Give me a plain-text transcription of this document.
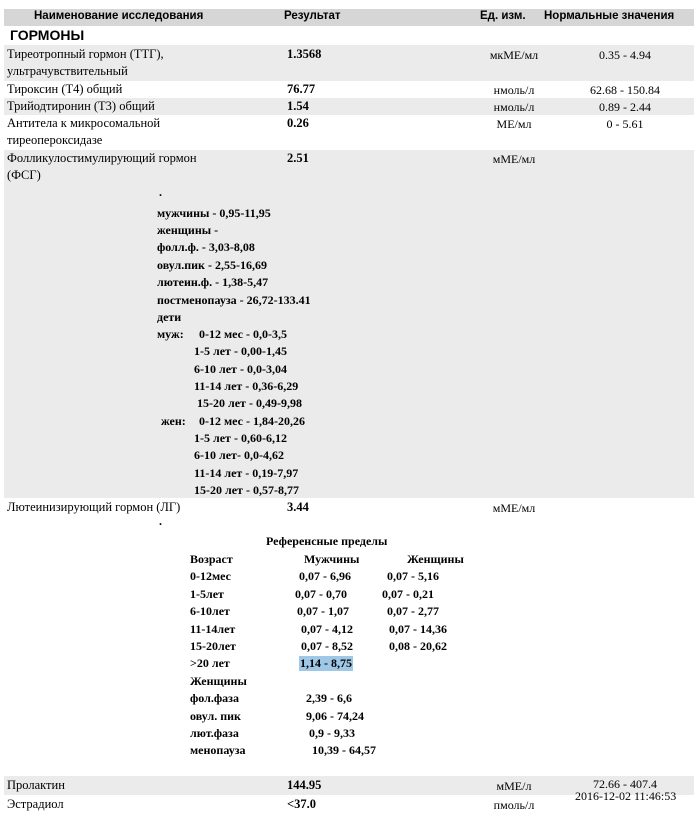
Наименование исследования	Результат	Ед. изм. Нормальные значения
ГОРМОНЫ
Тиреотропный гормон (ТТГ),
ультрачувствительный
1.3568	мкМЕ/мл	0.35 - 4.94
Тироксин (Т4) общий	76.77	нмоль/л	62.68 - 150.84
Трийодтиронин (Т3) общий	1.54	нмоль/л	0.89 - 2.44
Антитела к микросомальной
тиреопероксидазе
0.26	МЕ/мл	0 - 5.61
Фолликулостимулирующий гормон
(ФСГ)
2.51	мМЕ/мл
.
мужчины - 0,95-11,95
женщины -
фолл.ф. - 3,03-8,08
овул.пик - 2,55-16,69
лютеин.ф. - 1,38-5,47
постменопауза - 26,72-133.41
дети
муж: 0-12 мес - 0,0-3,5
1-5 лет - 0,00-1,45
6-10 лет - 0,0-3,04
11-14 лет - 0,36-6,29
15-20 лет - 0,49-9,98
жен: 0-12 мес - 1,84-20,26
1-5 лет - 0,60-6,12
6-10 лет- 0,0-4,62
11-14 лет - 0,19-7,97
15-20 лет - 0,57-8,77
Лютеинизирующий гормон (ЛГ)	3.44	мМЕ/мл
.
Референсные пределы
Возраст	Мужчины	Женщины
0-12мес	0,07 - 6,96	0,07 - 5,16
1-5лет	0,07 - 0,70	0,07 - 0,21
6-10лет	0,07 - 1,07	0,07 - 2,77
11-14лет	0,07 - 4,12	0,07 - 14,36
15-20лет	0,07 - 8,52	0,08 - 20,62
>20 лет	1,14 - 8,75
Женщины
фол.фаза	2,39 - 6,6
овул. пик	9,06 - 74,24
лют.фаза	0,9 - 9,33
менопауза	10,39 - 64,57
Пролактин	144.95	мМЕ/л	72.66 - 407.4
Эстрадиол	<37.0	пмоль/л
2016-12-02 11:46:53
